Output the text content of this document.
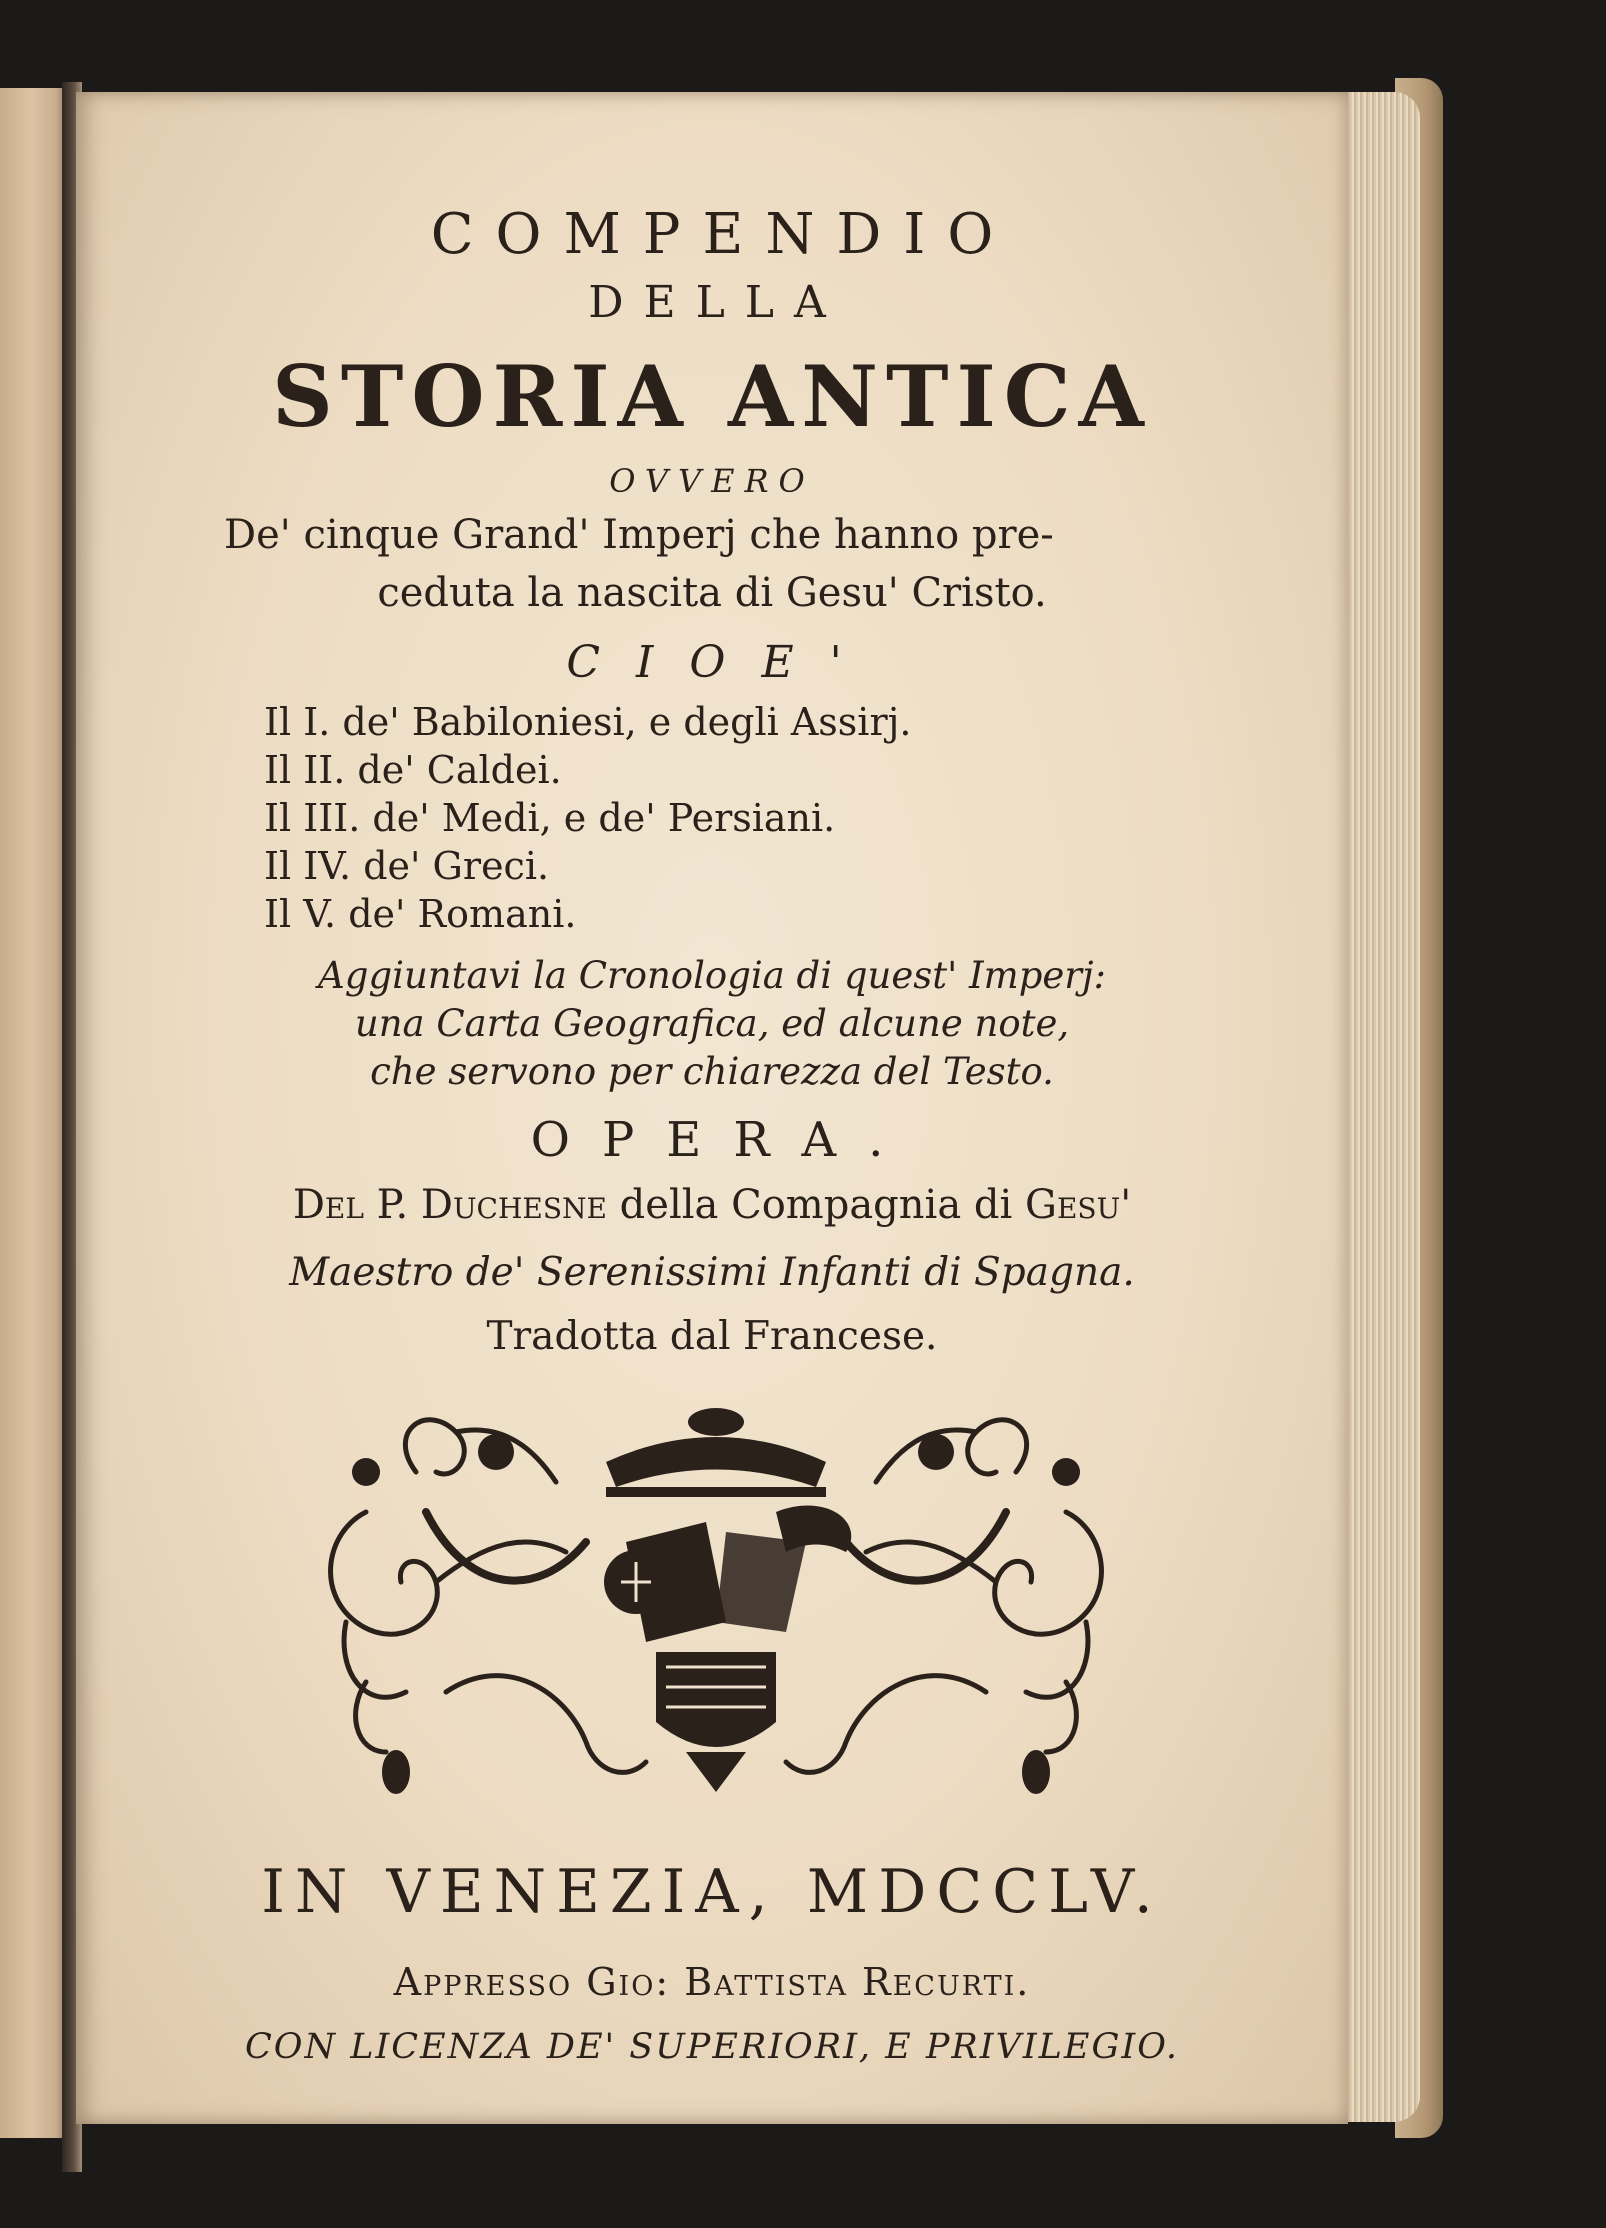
COMPENDIO
DELLA
STORIA ANTICA
OVVERO
De' cinque Grand' Imperj che hanno pre-
ceduta la nascita di Gesu' Cristo.
CIOE'
Il I. de' Babiloniesi, e degli Assirj.
Il II. de' Caldei.
Il III. de' Medi, e de' Persiani.
Il IV. de' Greci.
Il V. de' Romani.
Aggiuntavi la Cronologia di quest' Imperj:
una Carta Geografica, ed alcune note,
che servono per chiarezza del Testo.
OPERA.
Del P. Duchesne della Compagnia di Gesu'
Maestro de' Serenissimi Infanti di Spagna.
Tradotta dal Francese.
IN VENEZIA, MDCCLV.
Appresso Gio: Battista Recurti.
CON LICENZA DE' SUPERIORI, E PRIVILEGIO.
